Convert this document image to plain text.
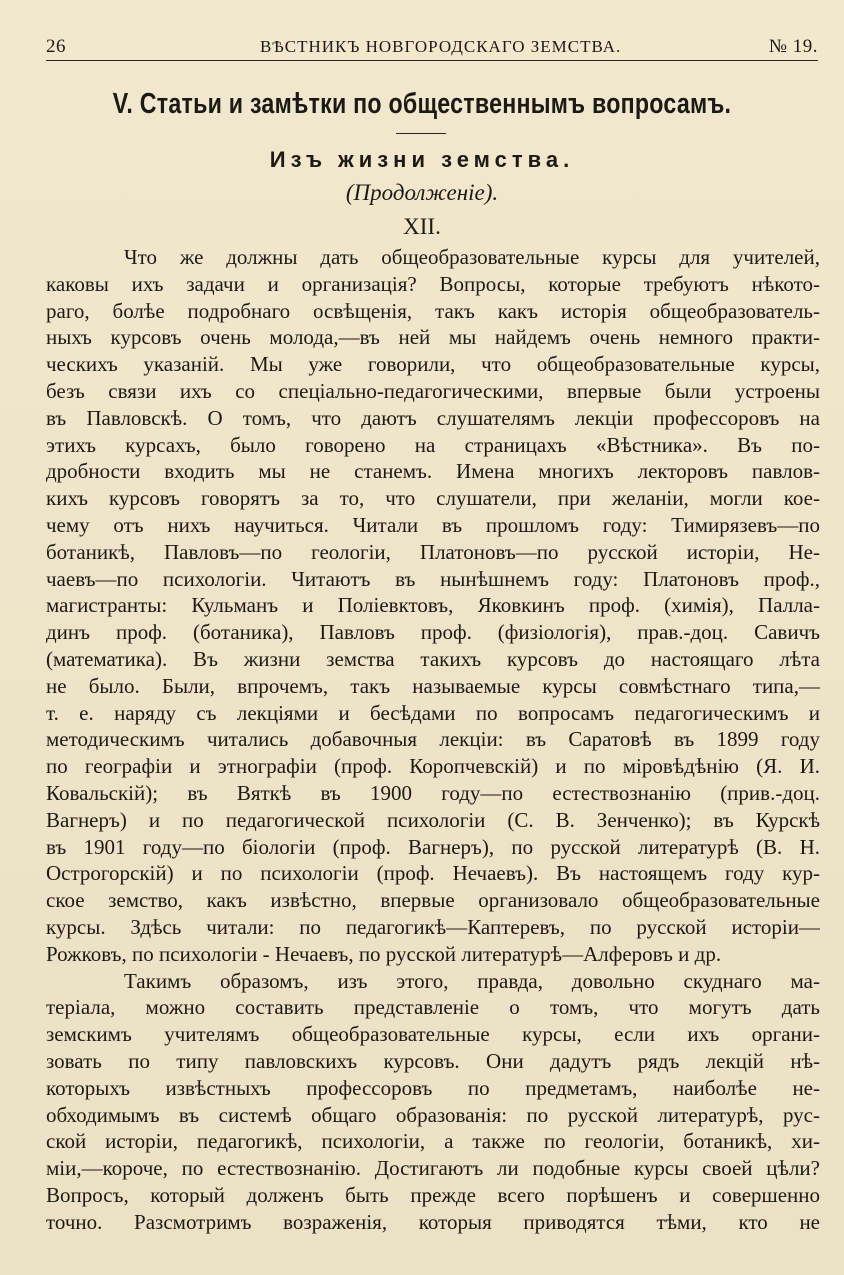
26	ВѢСТНИКЪ НОВГОРОДСКАГО ЗЕМСТВА.	№ 19.
V. Статьи и замѣтки по общественнымъ вопросамъ.
Изъ жизни земства.
(Продолженіе).
XII.
Что же должны дать общеобразовательные курсы для учителей,
каковы ихъ задачи и организація? Вопросы, которые требуютъ нѣкото-
раго, болѣе подробнаго освѣщенія, такъ какъ исторія общеобразователь-
ныхъ курсовъ очень молода,—въ ней мы найдемъ очень немного практи-
ческихъ указаній. Мы уже говорили, что общеобразовательные курсы,
безъ связи ихъ со спеціально-педагогическими, впервые были устроены
въ Павловскѣ. О томъ, что даютъ слушателямъ лекціи профессоровъ на
этихъ курсахъ, было говорено на страницахъ «Вѣстника». Въ по-
дробности входить мы не станемъ. Имена многихъ лекторовъ павлов-
кихъ курсовъ говорятъ за то, что слушатели, при желаніи, могли кое-
чему отъ нихъ научиться. Читали въ прошломъ году: Тимирязевъ—по
ботаникѣ, Павловъ—по геологіи, Платоновъ—по русской исторіи, Не-
чаевъ—по психологіи. Читаютъ въ нынѣшнемъ году: Платоновъ проф.,
магистранты: Кульманъ и Поліевктовъ, Яковкинъ проф. (химія), Палла-
динъ проф. (ботаника), Павловъ проф. (физіологія), прав.-доц. Савичъ
(математика). Въ жизни земства такихъ курсовъ до настоящаго лѣта
не было. Были, впрочемъ, такъ называемые курсы совмѣстнаго типа,—
т. е. наряду съ лекціями и бесѣдами по вопросамъ педагогическимъ и
методическимъ читались добавочныя лекціи: въ Саратовѣ въ 1899 году
по географіи и этнографіи (проф. Коропчевскій) и по міровѣдѣнію (Я. И.
Ковальскій); въ Вяткѣ въ 1900 году—по естествознанію (прив.-доц.
Вагнеръ) и по педагогической психологіи (С. В. Зенченко); въ Курскѣ
въ 1901 году—по біологіи (проф. Вагнеръ), по русской литературѣ (В. Н.
Острогорскій) и по психологіи (проф. Нечаевъ). Въ настоящемъ году кур-
ское земство, какъ извѣстно, впервые организовало общеобразовательные
курсы. Здѣсь читали: по педагогикѣ—Каптеревъ, по русской исторіи—
Рожковъ, по психологіи - Нечаевъ, по русской литературѣ—Алферовъ и др.
Такимъ образомъ, изъ этого, правда, довольно скуднаго ма-
теріала, можно составить представленіе о томъ, что могутъ дать
земскимъ учителямъ общеобразовательные курсы, если ихъ органи-
зовать по типу павловскихъ курсовъ. Они дадутъ рядъ лекцій нѣ-
которыхъ извѣстныхъ профессоровъ по предметамъ, наиболѣе не-
обходимымъ въ системѣ общаго образованія: по русской литературѣ, рус-
ской исторіи, педагогикѣ, психологіи, а также по геологіи, ботаникѣ, хи-
міи,—короче, по естествознанію. Достигаютъ ли подобные курсы своей цѣли?
Вопросъ, который долженъ быть прежде всего порѣшенъ и совершенно
точно. Разсмотримъ возраженія, которыя приводятся тѣми, кто не
